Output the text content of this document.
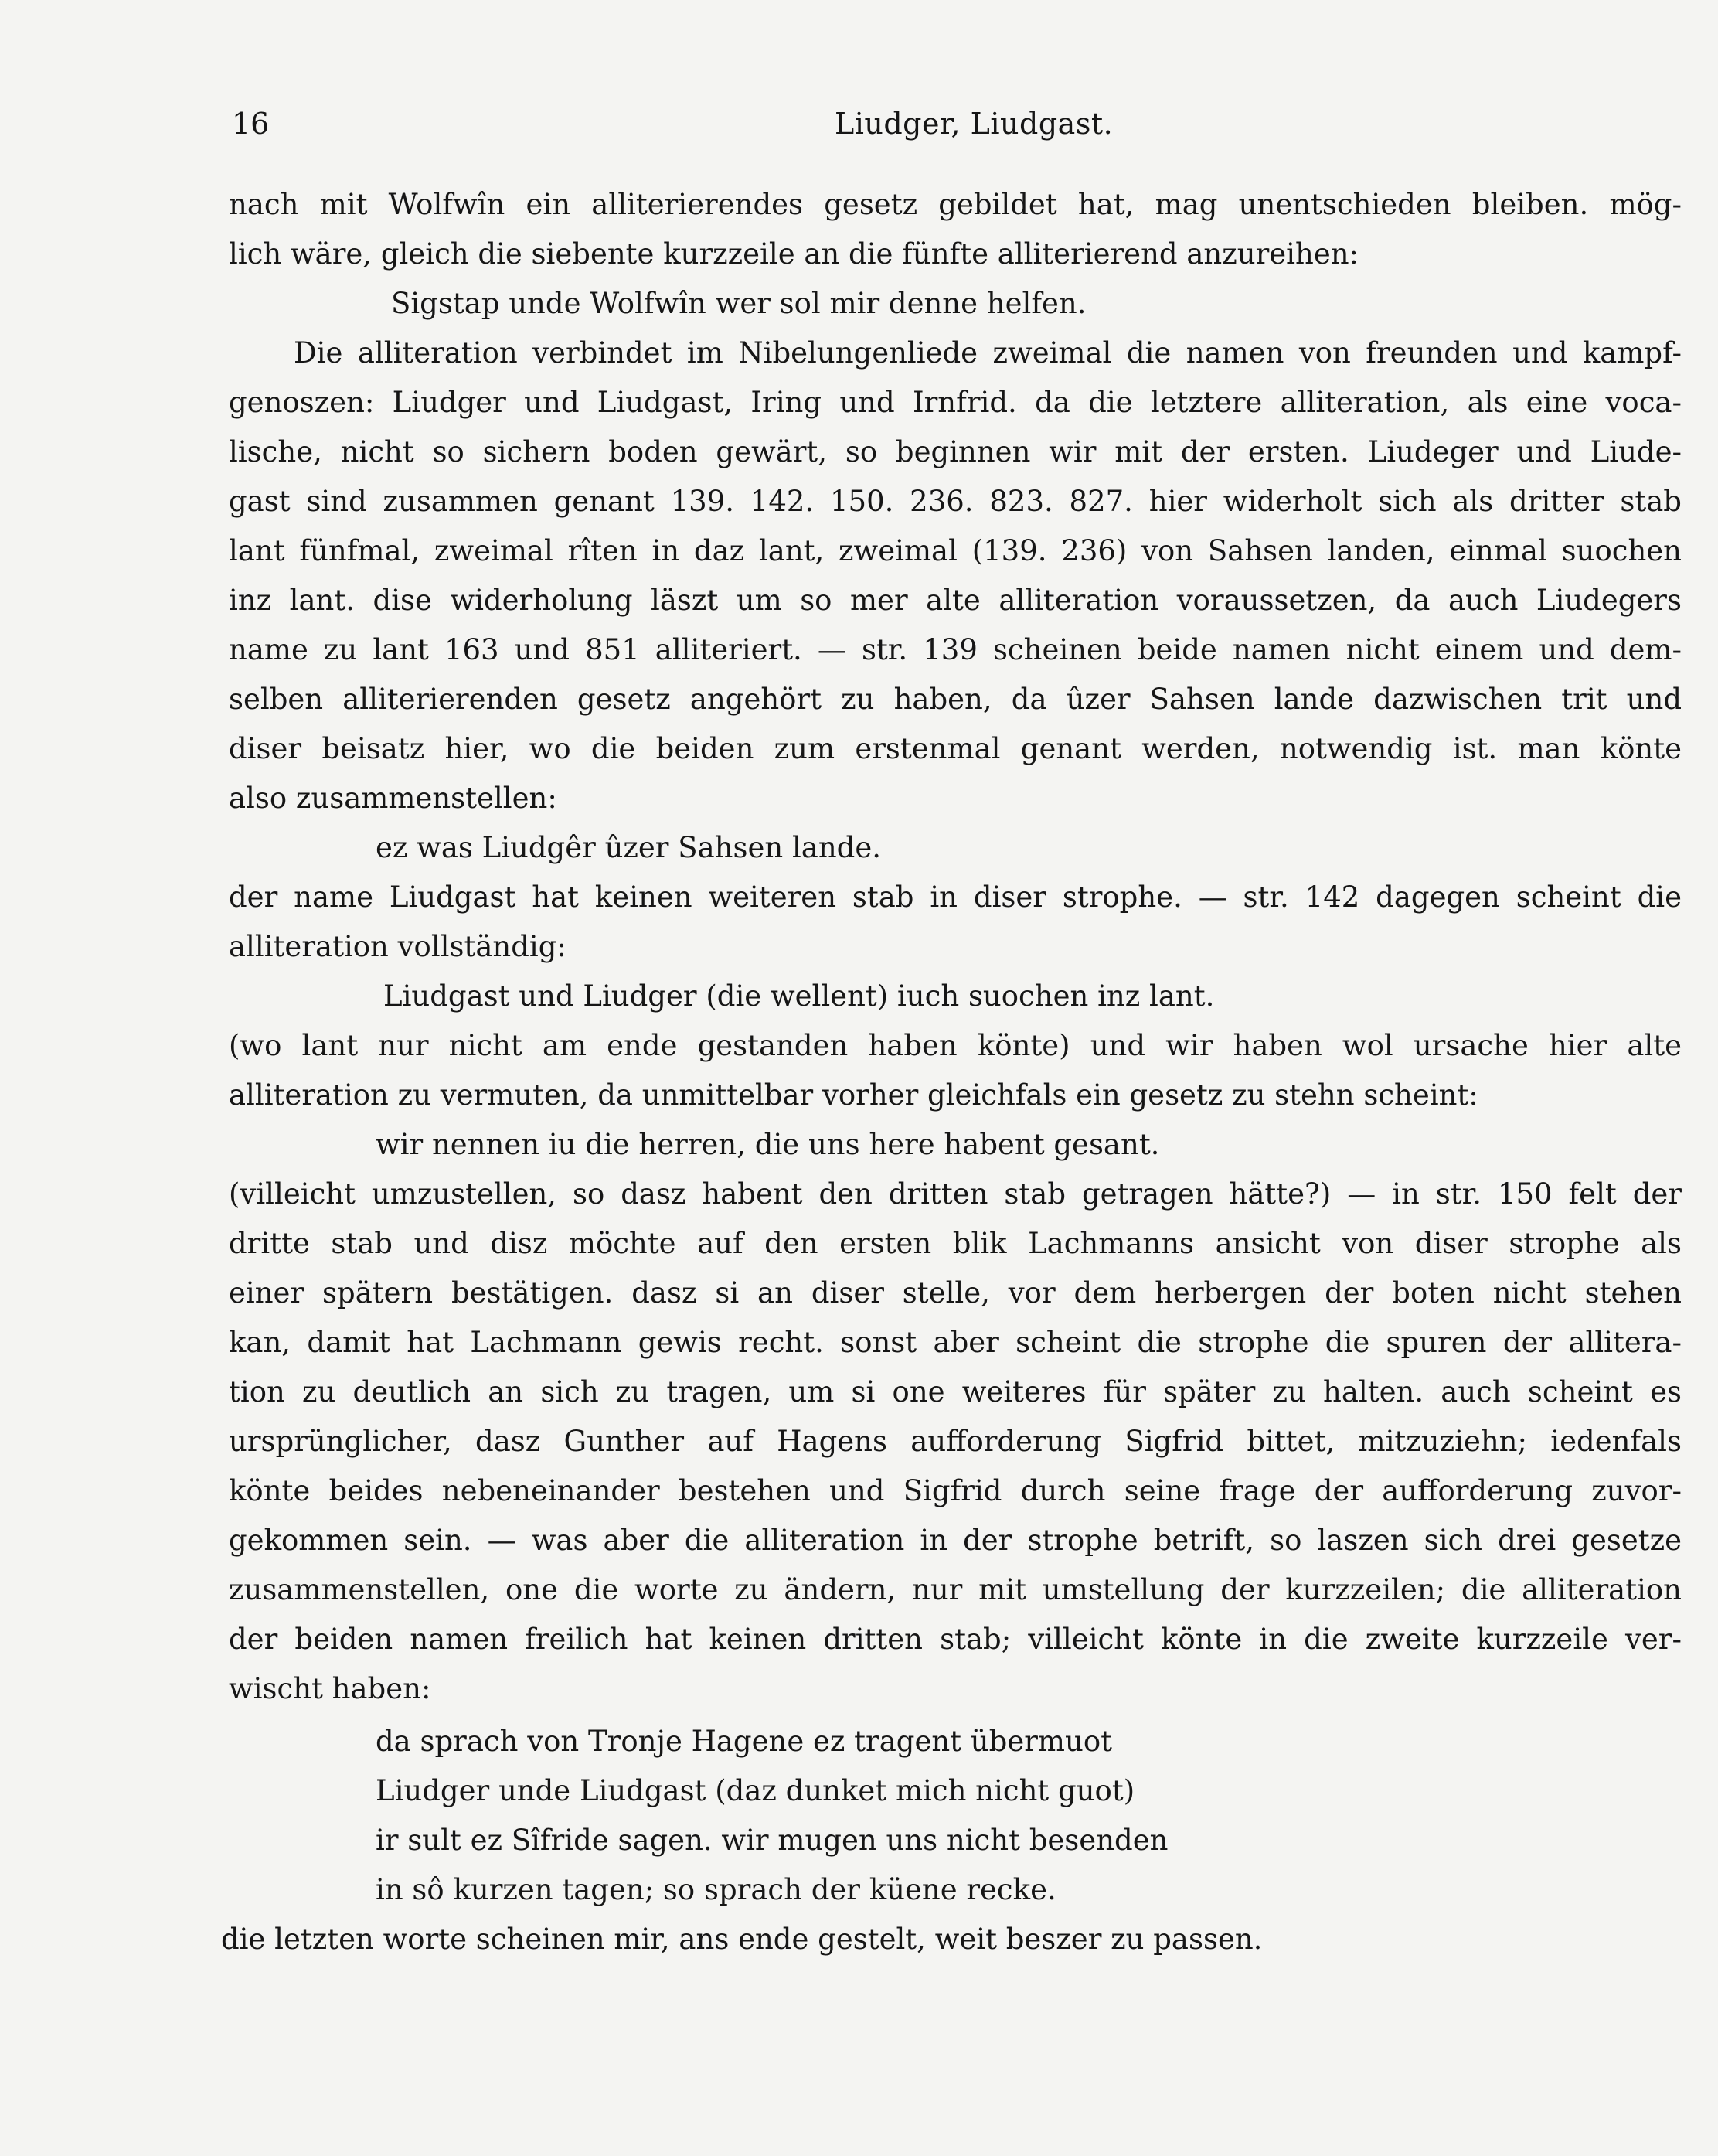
16	Liudger, Liudgast.
nach mit Wolfwîn ein alliterierendes gesetz gebildet hat, mag unentschieden bleiben. mög-
lich wäre, gleich die siebente kurzzeile an die fünfte alliterierend anzureihen:
Sigstap unde Wolfwîn wer sol mir denne helfen.
Die alliteration verbindet im Nibelungenliede zweimal die namen von freunden und kampf-
genoszen: Liudger und Liudgast, Iring und Irnfrid. da die letztere alliteration, als eine voca-
lische, nicht so sichern boden gewärt, so beginnen wir mit der ersten. Liudeger und Liude-
gast sind zusammen genant 139. 142. 150. 236. 823. 827. hier widerholt sich als dritter stab
lant fünfmal, zweimal rîten in daz lant, zweimal (139. 236) von Sahsen landen, einmal suochen
inz lant. dise widerholung läszt um so mer alte alliteration voraussetzen, da auch Liudegers
name zu lant 163 und 851 alliteriert. — str. 139 scheinen beide namen nicht einem und dem-
selben alliterierenden gesetz angehört zu haben, da ûzer Sahsen lande dazwischen trit und
diser beisatz hier, wo die beiden zum erstenmal genant werden, notwendig ist. man könte
also zusammenstellen:
ez was Liudgêr ûzer Sahsen lande.
der name Liudgast hat keinen weiteren stab in diser strophe. — str. 142 dagegen scheint die
alliteration vollständig:
Liudgast und Liudger (die wellent) iuch suochen inz lant.
(wo lant nur nicht am ende gestanden haben könte) und wir haben wol ursache hier alte
alliteration zu vermuten, da unmittelbar vorher gleichfals ein gesetz zu stehn scheint:
wir nennen iu die herren, die uns here habent gesant.
(villeicht umzustellen, so dasz habent den dritten stab getragen hätte?) — in str. 150 felt der
dritte stab und disz möchte auf den ersten blik Lachmanns ansicht von diser strophe als
einer spätern bestätigen. dasz si an diser stelle, vor dem herbergen der boten nicht stehen
kan, damit hat Lachmann gewis recht. sonst aber scheint die strophe die spuren der allitera-
tion zu deutlich an sich zu tragen, um si one weiteres für später zu halten. auch scheint es
ursprünglicher, dasz Gunther auf Hagens aufforderung Sigfrid bittet, mitzuziehn; iedenfals
könte beides nebeneinander bestehen und Sigfrid durch seine frage der aufforderung zuvor-
gekommen sein. — was aber die alliteration in der strophe betrift, so laszen sich drei gesetze
zusammenstellen, one die worte zu ändern, nur mit umstellung der kurzzeilen; die alliteration
der beiden namen freilich hat keinen dritten stab; villeicht könte in die zweite kurzzeile ver-
wischt haben:
da sprach von Tronje Hagene ez tragent übermuot
Liudger unde Liudgast (daz dunket mich nicht guot)
ir sult ez Sîfride sagen. wir mugen uns nicht besenden
in sô kurzen tagen; so sprach der küene recke.
die letzten worte scheinen mir, ans ende gestelt, weit beszer zu passen.
